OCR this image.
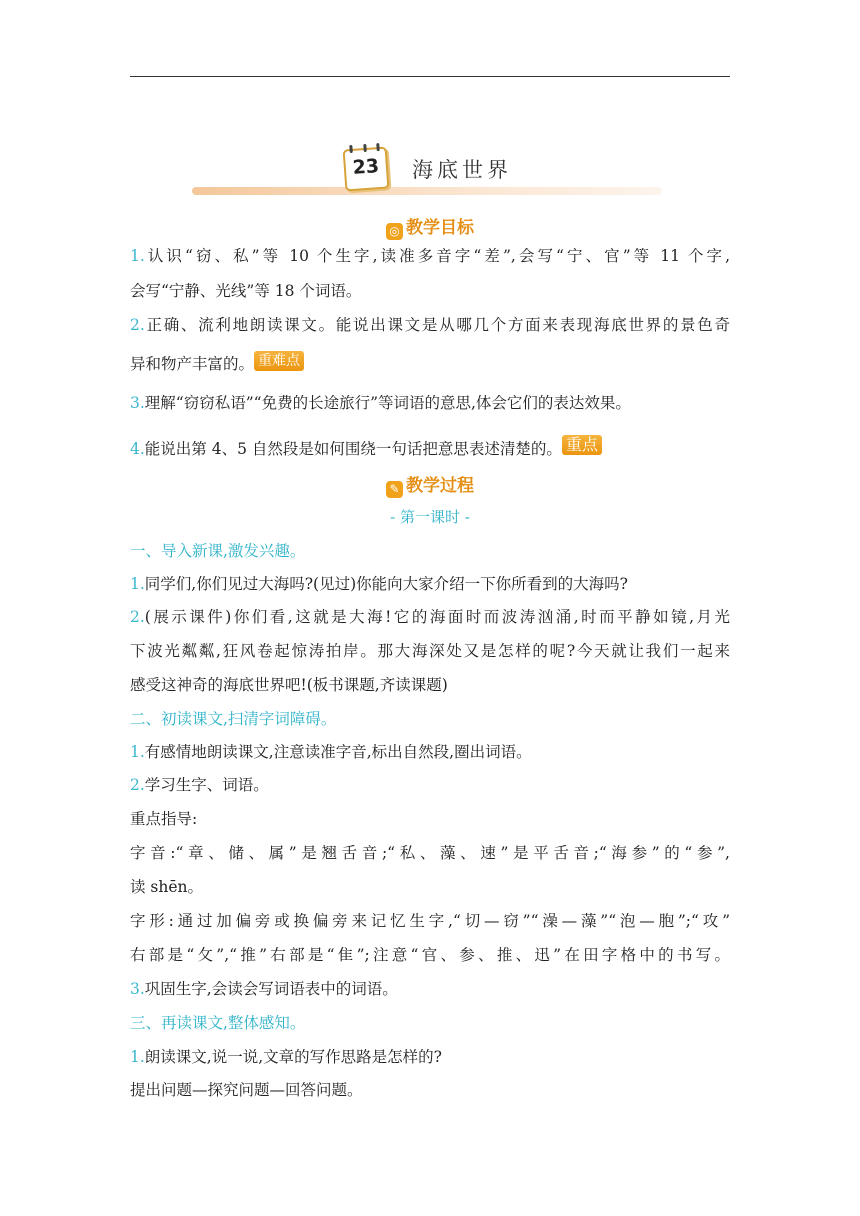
23	海底世界
◎ 教学目标
1.认识“窃、私”等 10 个生字,读准多音字“差”,会写“宁、官”等 11 个字,
会写“宁静、光线”等 18 个词语。
2.正确、流利地朗读课文。能说出课文是从哪几个方面来表现海底世界的景色奇
异和物产丰富的。 重难点
3.理解“窃窃私语”“免费的长途旅行”等词语的意思,体会它们的表达效果。
4.能说出第 4、5 自然段是如何围绕一句话把意思表述清楚的。 重点
✎ 教学过程
- 第一课时 -
一、导入新课,激发兴趣。
1.同学们,你们见过大海吗?(见过)你能向大家介绍一下你所看到的大海吗?
2.(展示课件)你们看,这就是大海!它的海面时而波涛汹涌,时而平静如镜,月光
下波光粼粼,狂风卷起惊涛拍岸。那大海深处又是怎样的呢?今天就让我们一起来
感受这神奇的海底世界吧!(板书课题,齐读课题)
二、初读课文,扫清字词障碍。
1.有感情地朗读课文,注意读准字音,标出自然段,圈出词语。
2.学习生字、词语。
重点指导:
字音:“章、储、属”是翘舌音;“私、藻、速”是平舌音;“海参”的“参”,
读 shēn。
字形:通过加偏旁或换偏旁来记忆生字,“切—窃”“澡—藻”“泡—胞”;“攻”
右部是“攵”,“推”右部是“隹”;注意“官、参、推、迅”在田字格中的书写。
3.巩固生字,会读会写词语表中的词语。
三、再读课文,整体感知。
1.朗读课文,说一说,文章的写作思路是怎样的?
提出问题—探究问题—回答问题。
